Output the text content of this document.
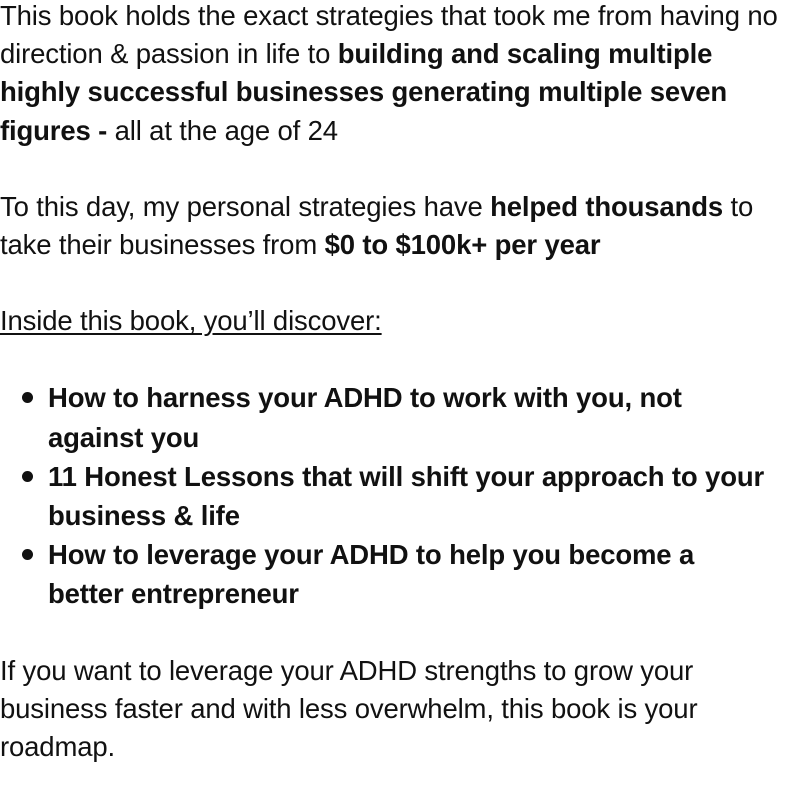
This book holds the exact strategies that took me from having no direction & passion in life to building and scaling multiple highly successful businesses generating multiple seven figures - all at the age of 24

To this day, my personal strategies have helped thousands to take their businesses from $0 to $100k+ per year

Inside this book, you’ll discover:

How to harness your ADHD to work with you, not against you
11 Honest Lessons that will shift your approach to your business & life
How to leverage your ADHD to help you become a better entrepreneur

If you want to leverage your ADHD strengths to grow your business faster and with less overwhelm, this book is your roadmap.
